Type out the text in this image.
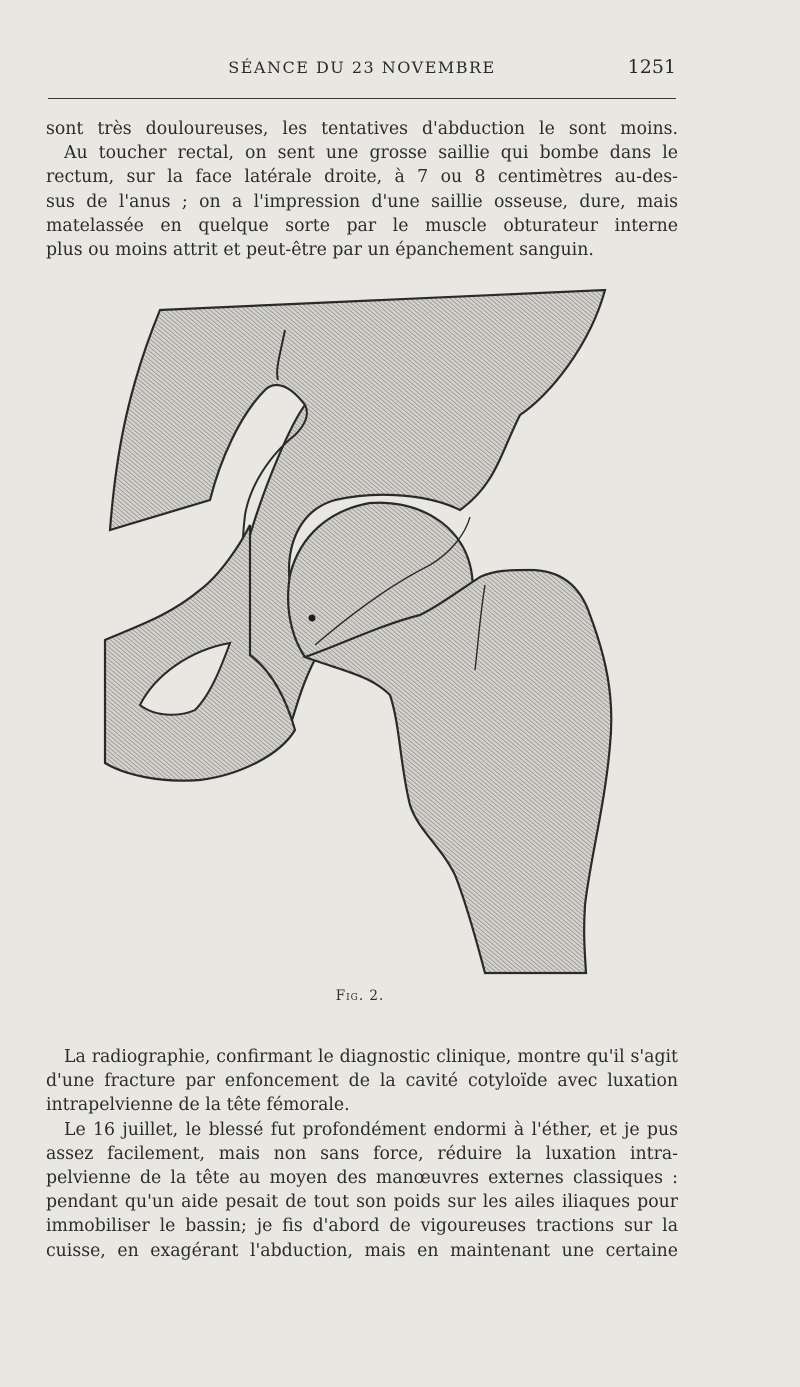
SÉANCE DU 23 NOVEMBRE	1251

sont très douloureuses, les tentatives d'abduction le sont moins.

Au toucher rectal, on sent une grosse saillie qui bombe dans le

rectum, sur la face latérale droite, à 7 ou 8 centimètres au-des-

sus de l'anus ; on a l'impression d'une saillie osseuse, dure, mais

matelassée en quelque sorte par le muscle obturateur interne

plus ou moins attrit et peut-être par un épanchement sanguin.

Fig. 2.

La radiographie, confirmant le diagnostic clinique, montre qu'il s'agit

d'une fracture par enfoncement de la cavité cotyloïde avec luxation

intrapelvienne de la tête fémorale.

Le 16 juillet, le blessé fut profondément endormi à l'éther, et je pus

assez facilement, mais non sans force, réduire la luxation intra-

pelvienne de la tête au moyen des manœuvres externes classiques :

pendant qu'un aide pesait de tout son poids sur les ailes iliaques pour

immobiliser le bassin; je fis d'abord de vigoureuses tractions sur la

cuisse, en exagérant l'abduction, mais en maintenant une certaine
